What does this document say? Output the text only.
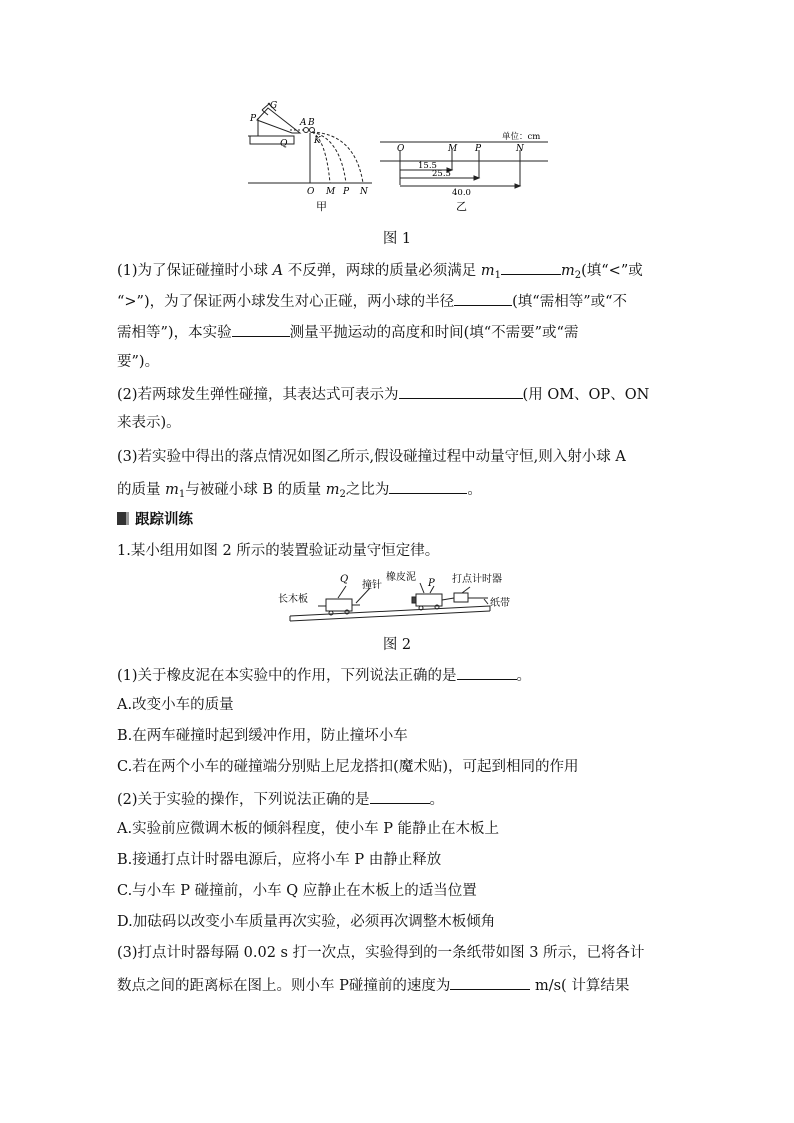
P
G
Q
A B
K
O M P N
甲
单位：cm
O	M P	N
15.5
25.5
40.0
乙
图 1
(1)为了保证碰撞时小球 A 不反弹，两球的质量必须满足 $m_1$	$m_2$(填“<”或
“>”)，为了保证两小球发生对心正碰，两小球的半径	(填“需相等”或“不
需相等”)，本实验	测量平抛运动的高度和时间(填“不需要”或“需
要”)。
(2)若两球发生弹性碰撞，其表达式可表示为	(用 OM、OP、ON
来表示)。
(3)若实验中得出的落点情况如图乙所示,假设碰撞过程中动量守恒,则入射小球 A
的质量 $m_1$与被碰小球 B 的质量 $m_2$之比为	。
跟踪训练
1.某小组用如图 2 所示的装置验证动量守恒定律。
长木板
Q
撞针
橡皮泥
P 打点计时器
纸带
图 2
(1)关于橡皮泥在本实验中的作用，下列说法正确的是	。
A.改变小车的质量
B.在两车碰撞时起到缓冲作用，防止撞坏小车
C.若在两个小车的碰撞端分别贴上尼龙搭扣(魔术贴)，可起到相同的作用
(2)关于实验的操作，下列说法正确的是	。
A.实验前应微调木板的倾斜程度，使小车 P 能静止在木板上
B.接通打点计时器电源后，应将小车 P 由静止释放
C.与小车 P 碰撞前，小车 Q 应静止在木板上的适当位置
D.加砝码以改变小车质量再次实验，必须再次调整木板倾角
(3)打点计时器每隔 0.02 s 打一次点，实验得到的一条纸带如图 3 所示，已将各计
数点之间的距离标在图上。则小车 P碰撞前的速度为	m/s( 计算结果
